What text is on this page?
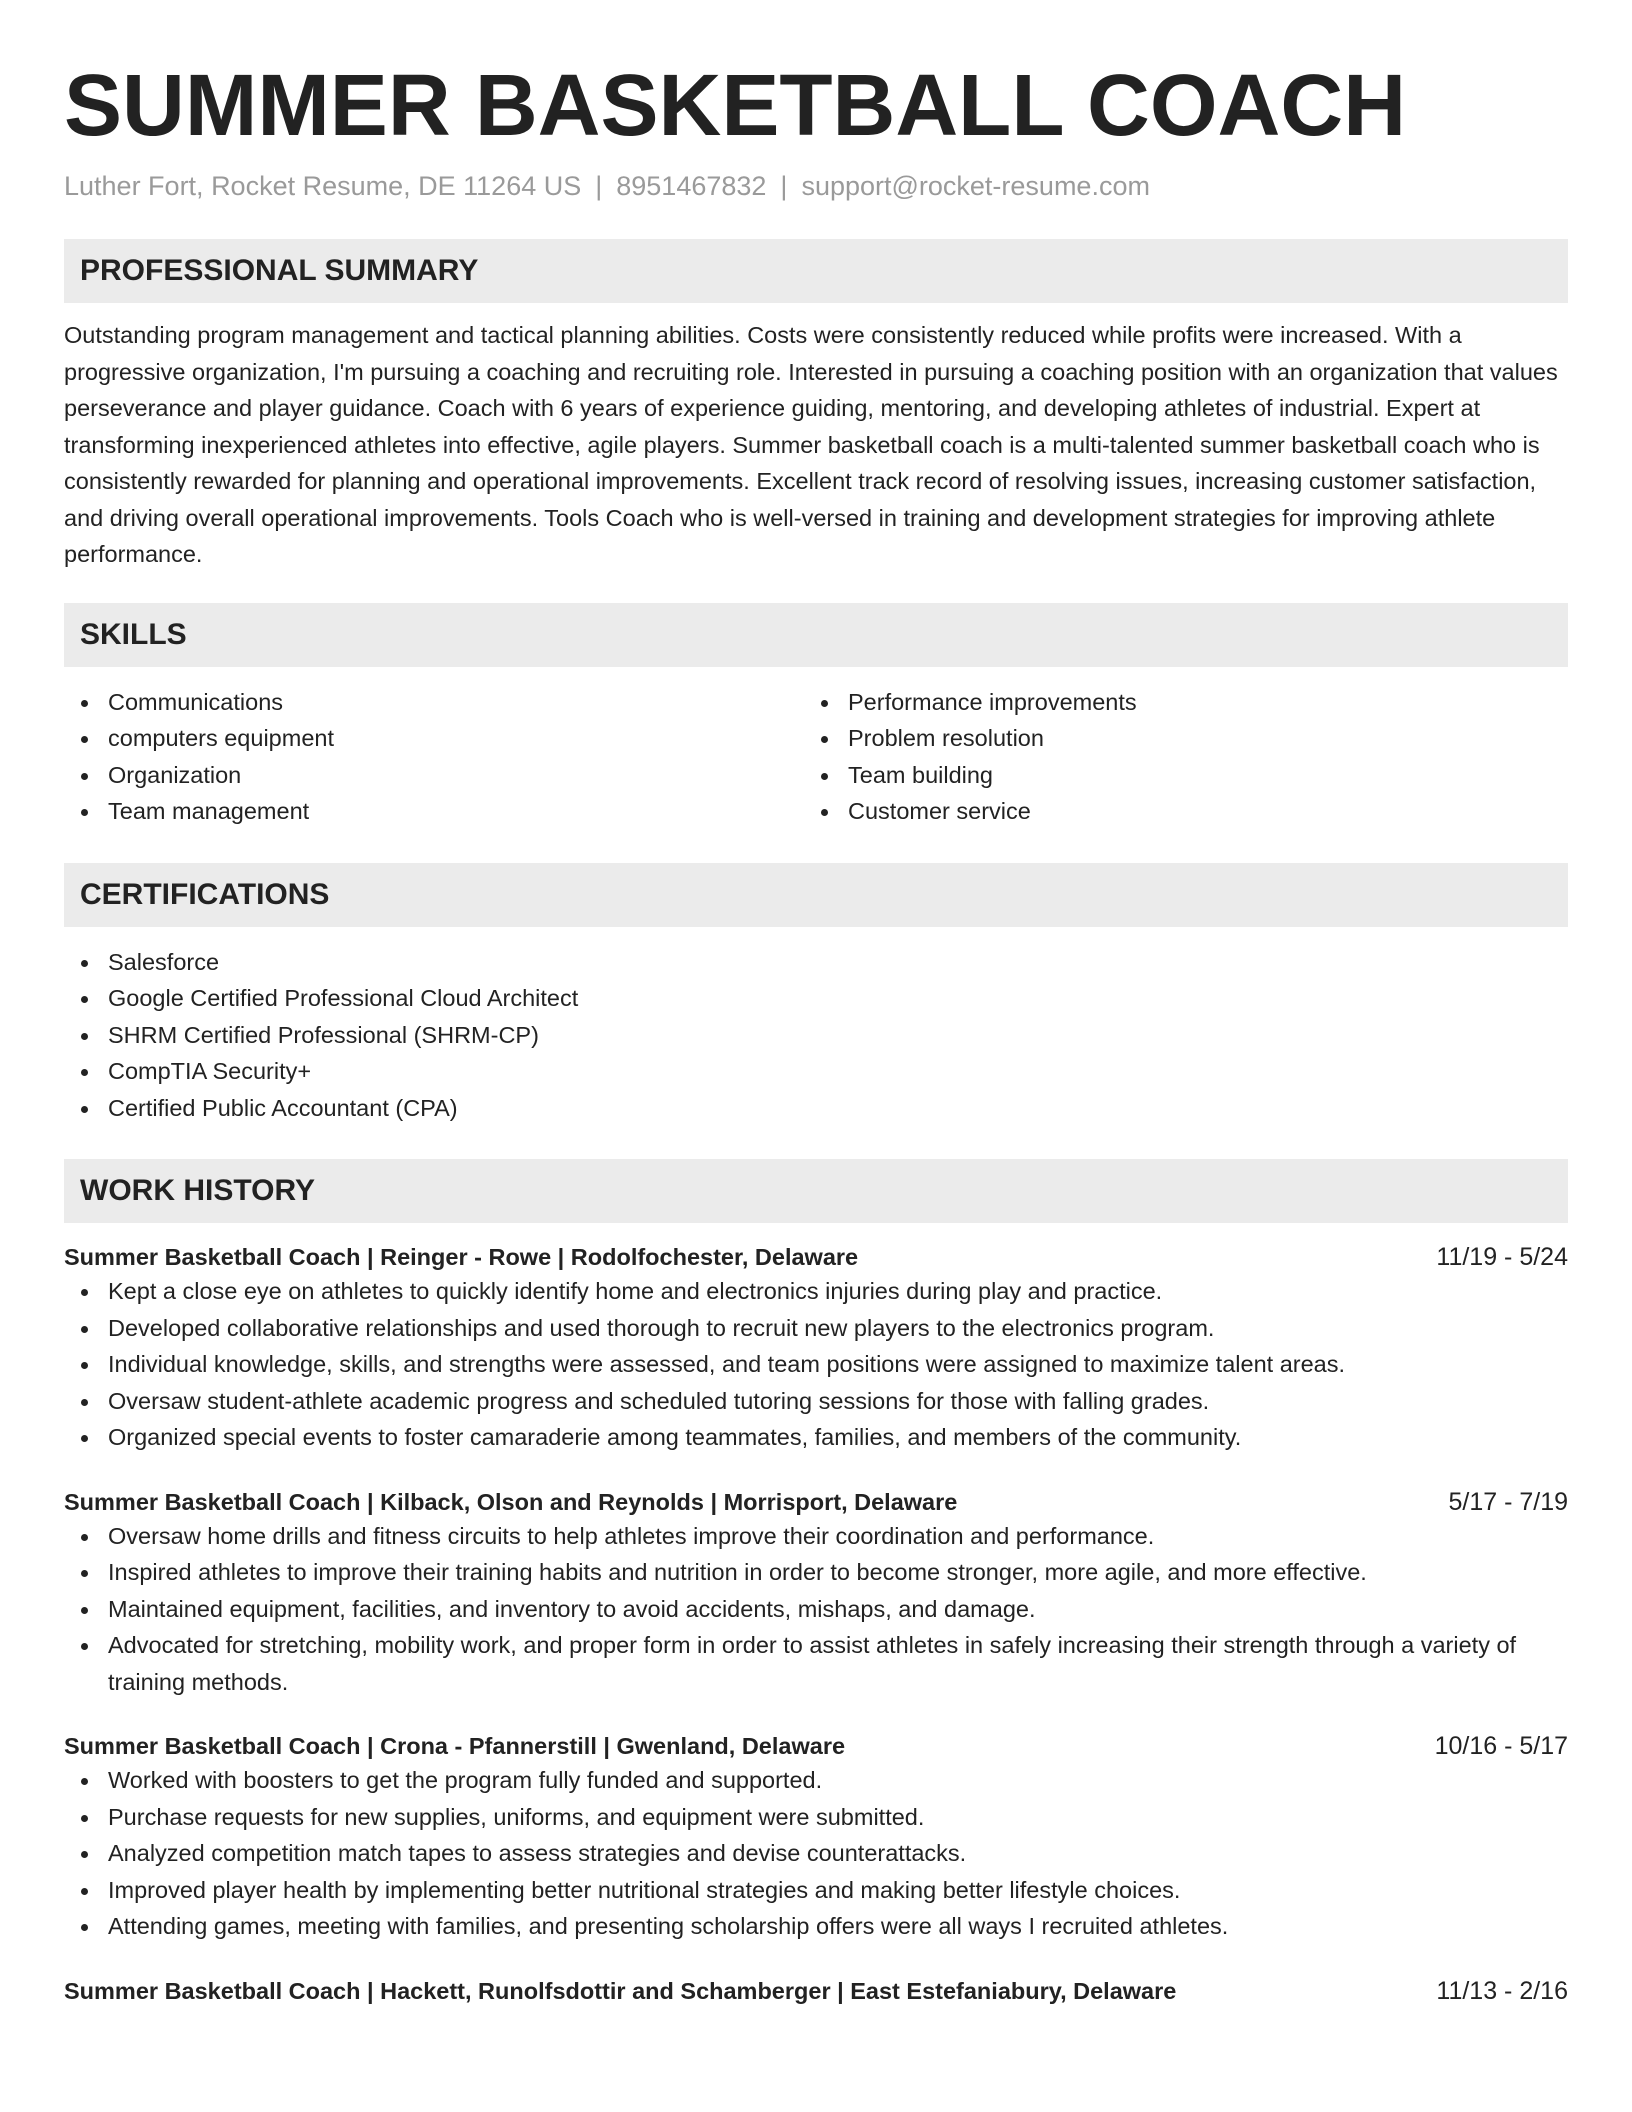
SUMMER BASKETBALL COACH
Luther Fort, Rocket Resume, DE 11264 US | 8951467832 | support@rocket-resume.com
PROFESSIONAL SUMMARY

Outstanding program management and tactical planning abilities. Costs were consistently reduced while profits were increased. With a progressive organization, I'm pursuing a coaching and recruiting role. Interested in pursuing a coaching position with an organization that values perseverance and player guidance. Coach with 6 years of experience guiding, mentoring, and developing athletes of industrial. Expert at transforming inexperienced athletes into effective, agile players. Summer basketball coach is a multi-talented summer basketball coach who is consistently rewarded for planning and operational improvements. Excellent track record of resolving issues, increasing customer satisfaction, and driving overall operational improvements. Tools Coach who is well-versed in training and development strategies for improving athlete performance.

SKILLS
Communications
computers equipment
Organization
Team management
Performance improvements
Problem resolution
Team building
Customer service
CERTIFICATIONS
Salesforce
Google Certified Professional Cloud Architect
SHRM Certified Professional (SHRM-CP)
CompTIA Security+
Certified Public Accountant (CPA)
WORK HISTORY
Summer Basketball Coach | Reinger - Rowe | Rodolfochester, Delaware	11/19 - 5/24
Kept a close eye on athletes to quickly identify home and electronics injuries during play and practice.
Developed collaborative relationships and used thorough to recruit new players to the electronics program.
Individual knowledge, skills, and strengths were assessed, and team positions were assigned to maximize talent areas.
Oversaw student-athlete academic progress and scheduled tutoring sessions for those with falling grades.
Organized special events to foster camaraderie among teammates, families, and members of the community.
Summer Basketball Coach | Kilback, Olson and Reynolds | Morrisport, Delaware	5/17 - 7/19
Oversaw home drills and fitness circuits to help athletes improve their coordination and performance.
Inspired athletes to improve their training habits and nutrition in order to become stronger, more agile, and more effective.
Maintained equipment, facilities, and inventory to avoid accidents, mishaps, and damage.
Advocated for stretching, mobility work, and proper form in order to assist athletes in safely increasing their strength through a variety of training methods.
Summer Basketball Coach | Crona - Pfannerstill | Gwenland, Delaware	10/16 - 5/17
Worked with boosters to get the program fully funded and supported.
Purchase requests for new supplies, uniforms, and equipment were submitted.
Analyzed competition match tapes to assess strategies and devise counterattacks.
Improved player health by implementing better nutritional strategies and making better lifestyle choices.
Attending games, meeting with families, and presenting scholarship offers were all ways I recruited athletes.
Summer Basketball Coach | Hackett, Runolfsdottir and Schamberger | East Estefaniabury, Delaware	11/13 - 2/16
